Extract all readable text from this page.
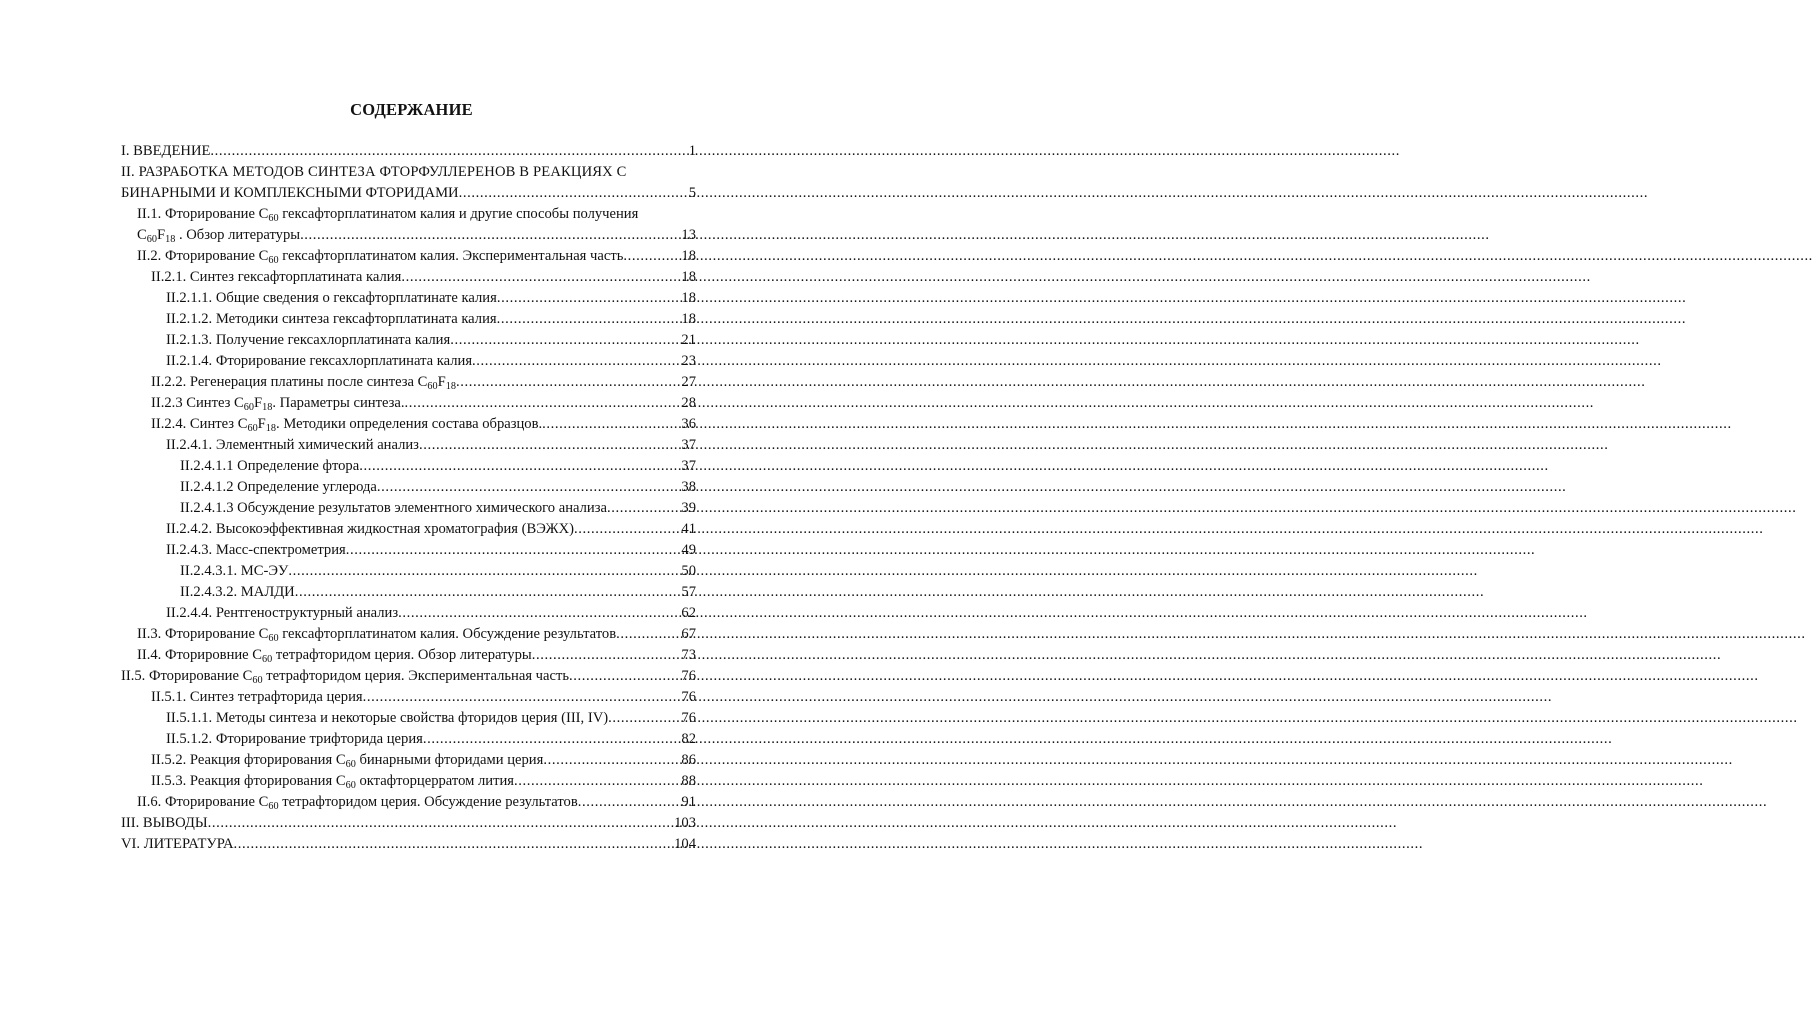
СОДЕРЖАНИЕ
I. ВВЕДЕНИЕ .....	1
II. РАЗРАБОТКА МЕТОДОВ СИНТЕЗА ФТОРФУЛЛЕРЕНОВ В РЕАКЦИЯХ С
БИНАРНЫМИ И КОМПЛЕКСНЫМИ ФТОРИДАМИ .....	5
II.1. Фторирование $C_{60}$ гексафторплатинатом калия и другие способы получения
$C_{60}F_{18}$ . Обзор литературы .....	13
II.2. Фторирование $C_{60}$ гексафторплатинатом калия. Экспериментальная часть .....	18
II.2.1. Синтез гексафторплатината калия .....	18
II.2.1.1. Общие сведения о гексафторплатинате калия .....	18
II.2.1.2. Методики синтеза гексафторплатината калия .....	18
II.2.1.3. Получение гексахлорплатината калия .....	21
II.2.1.4. Фторирование гексахлорплатината калия .....	23
II.2.2. Регенерация платины после синтеза $C_{60}F_{18}$ .....	27
II.2.3 Синтез $C_{60}F_{18}$. Параметры синтеза. .....	28
II.2.4. Синтез $C_{60}F_{18}$. Методики определения состава образцов. .....	36
II.2.4.1. Элементный химический анализ .....	37
II.2.4.1.1 Определение фтора .....	37
II.2.4.1.2 Определение углерода .....	38
II.2.4.1.3 Обсуждение результатов элементного химического анализа .....	39
II.2.4.2. Высокоэффективная жидкостная хроматография (ВЭЖХ) .....	41
II.2.4.3. Масс-спектрометрия .....	49
II.2.4.3.1. МС-ЭУ .....	50
II.2.4.3.2. МАЛДИ .....	57
II.2.4.4. Рентгеноструктурный анализ .....	62
II.3. Фторирование $C_{60}$ гексафторплатинатом калия. Обсуждение результатов .....	67
II.4. Фторировние $C_{60}$ тетрафторидом церия. Обзор литературы .....	73
II.5. Фторирование $C_{60}$ тетрафторидом церия. Экспериментальная часть .....	76
II.5.1. Синтез тетрафторида церия .....	76
II.5.1.1. Методы синтеза и некоторые свойства фторидов церия (III, IV) .....	76
II.5.1.2. Фторирование трифторида церия .....	82
II.5.2. Реакция фторирования $C_{60}$ бинарными фторидами церия .....	86
II.5.3. Реакция фторирования $C_{60}$ октафторцерратом лития .....	88
II.6. Фторирование $C_{60}$ тетрафторидом церия. Обсуждение результатов .....	91
III. ВЫВОДЫ .....	103
VI. ЛИТЕРАТУРА .....	104
